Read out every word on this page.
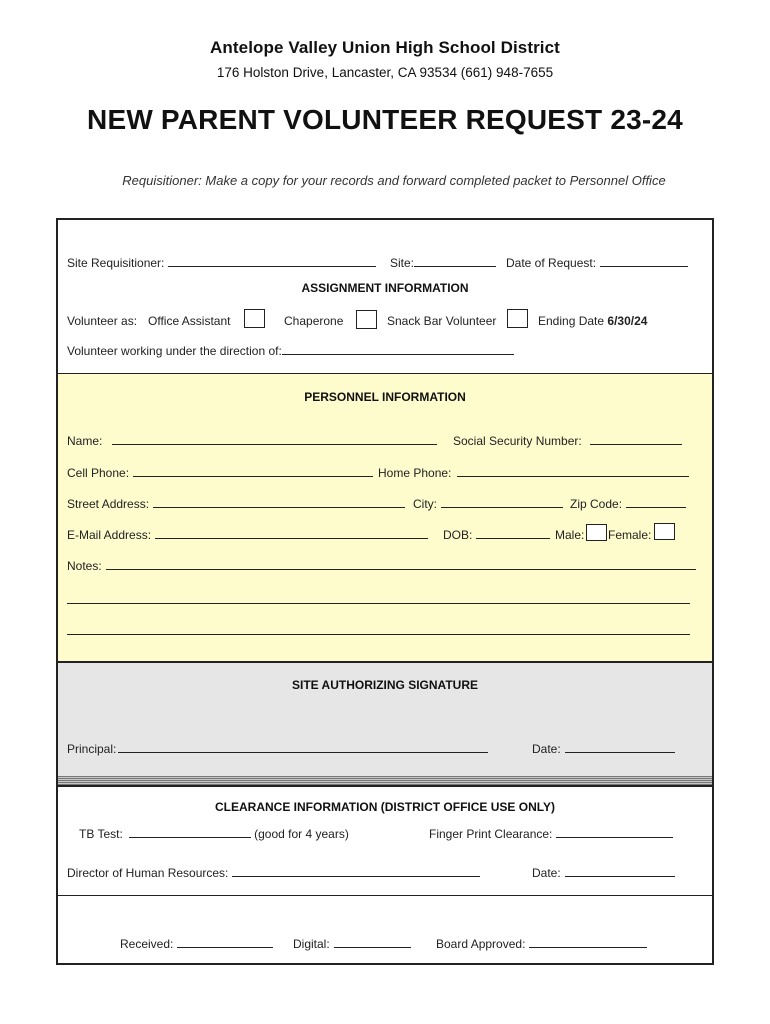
Antelope Valley Union High School District
176 Holston Drive, Lancaster, CA 93534 (661) 948-7655
NEW PARENT VOLUNTEER REQUEST 23-24
Requisitioner: Make a copy for your records and forward completed packet to Personnel Office
Site Requisitioner:	Site:	Date of Request:
ASSIGNMENT INFORMATION
Volunteer as: Office Assistant	Chaperone	Snack Bar Volunteer	Ending Date 6/30/24
Volunteer working under the direction of:
PERSONNEL INFORMATION
Name:	Social Security Number:
Cell Phone:	Home Phone:
Street Address:	City:	Zip Code:
E-Mail Address:	DOB:	Male: Female:
Notes:
SITE AUTHORIZING SIGNATURE
Principal:	Date:
CLEARANCE INFORMATION (DISTRICT OFFICE USE ONLY)
TB Test:	(good for 4 years)	Finger Print Clearance:
Director of Human Resources:	Date:
Received:	Digital:	Board Approved:
